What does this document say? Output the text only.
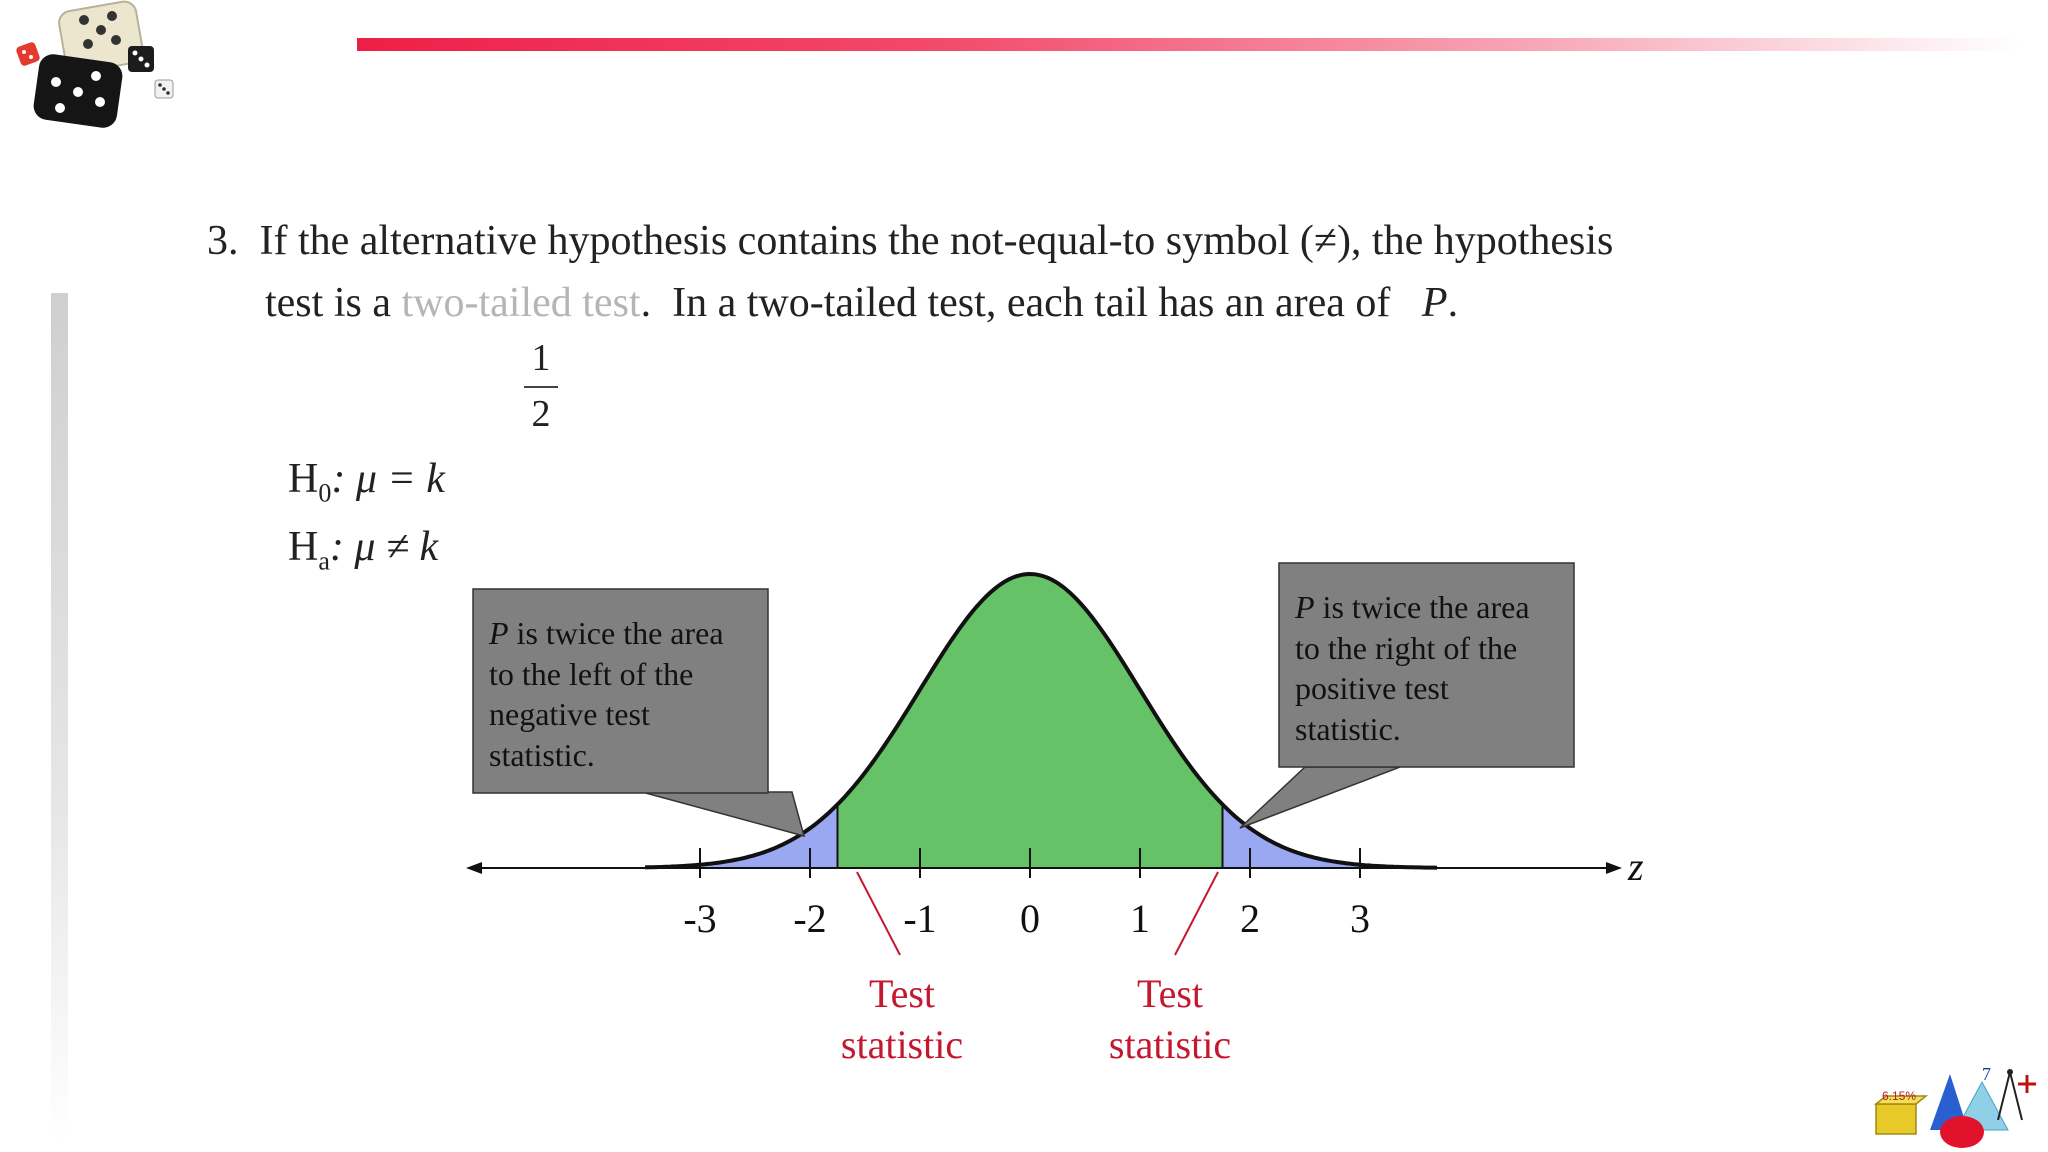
3. If the alternative hypothesis contains the not-equal-to symbol (≠), the hypothesis
test is a two-tailed test.  In a two-tailed test, each tail has an area of   P.
1
2
$H_0$: μ = k
$H_a$: μ ≠ k
z
-3 -2 -1 0 1 2 3
P is twice the area
to the left of the
negative test
statistic.
P is twice the area
to the right of the
positive test
statistic.
Test
statistic
Test
statistic
6.15%
7
